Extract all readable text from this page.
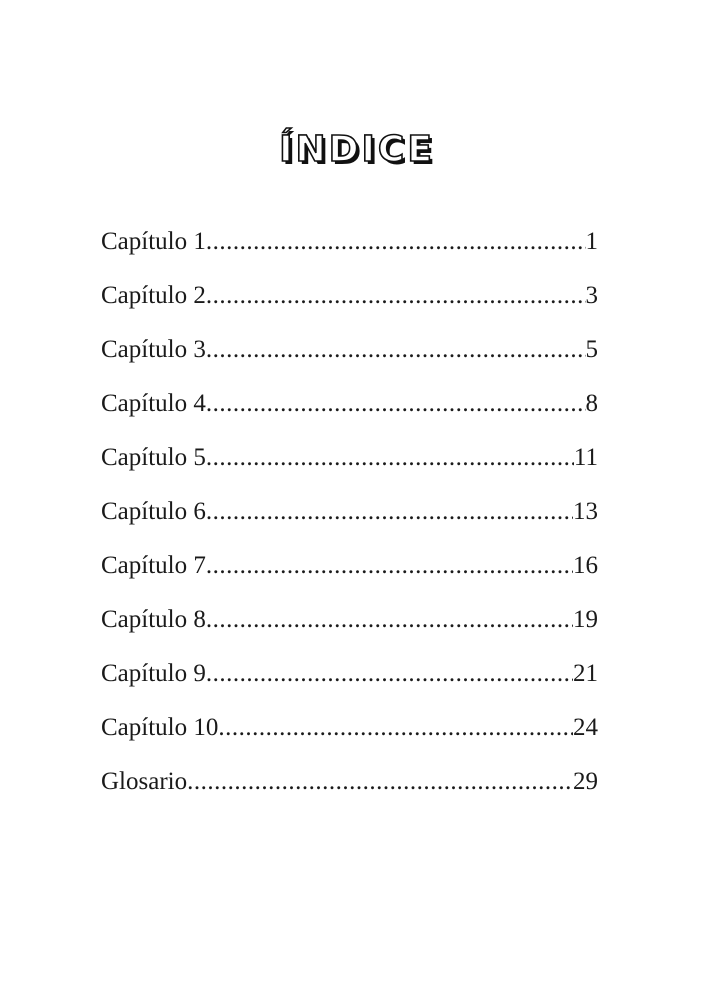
ÍNDICE
Capítulo 1 .....	1
Capítulo 2 .....	3
Capítulo 3 .....	5
Capítulo 4 .....	8
Capítulo 5 .....	11
Capítulo 6 .....	13
Capítulo 7 .....	16
Capítulo 8 .....	19
Capítulo 9 .....	21
Capítulo 10 .....	24
Glosario .....	29
